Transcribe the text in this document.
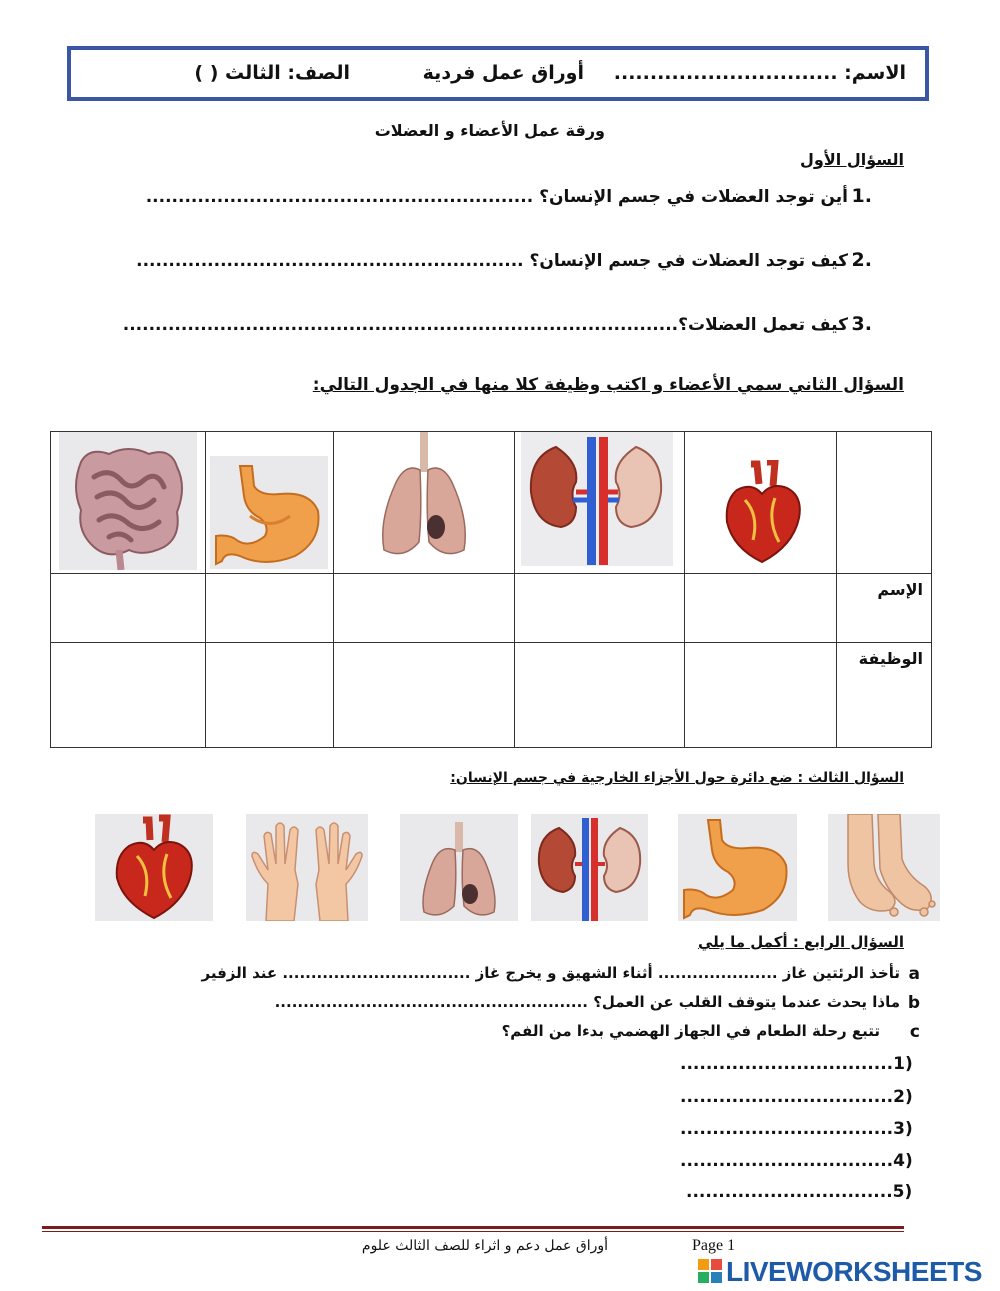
الاسم: ...............................
أوراق عمل فردية
الصف: الثالث ( )
ورقة عمل الأعضاء و العضلات
السؤال الأول
1.
أين توجد العضلات في جسم الإنسان؟ ............................................................
2.
كيف توجد العضلات في جسم الإنسان؟ ............................................................
3.
كيف تعمل العضلات؟......................................................................................
السؤال الثاني سمي الأعضاء و اكتب وظيفة كلا منها في الجدول التالي:

					الإسم
					الوظيفة
السؤال الثالث : ضع دائرة حول الأجزاء الخارجية في جسم الإنسان:
السؤال الرابع : أكمل ما يلي
a
تأخذ الرئتين غاز ..................... أثناء الشهيق و يخرج غاز ................................. عند الزفير
b
ماذا يحدث عندما يتوقف القلب عن العمل؟ .......................................................
c
تتبع رحلة الطعام في الجهاز الهضمي بدءا من الفم؟
.................................1)
.................................2)
.................................3)
.................................4)
................................5)
أوراق عمل دعم و اثراء للصف الثالث علوم	Page 1
LIVEWORKSHEETS
